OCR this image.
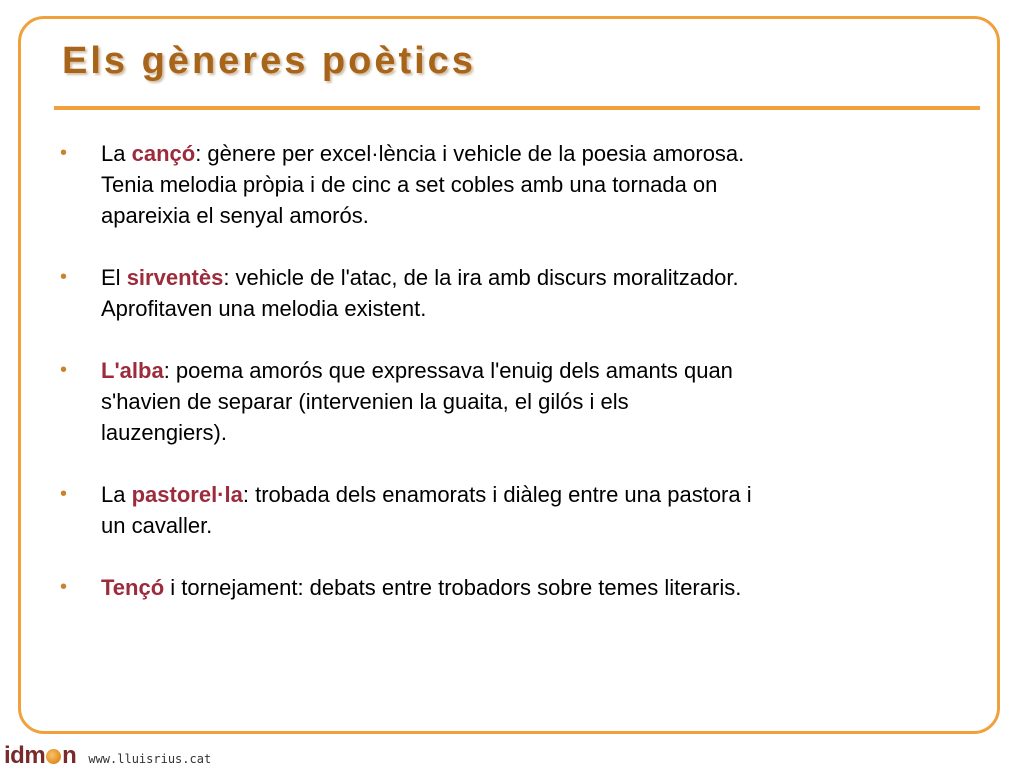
Els gèneres poètics
• La cançó: gènere per excel·lència i vehicle de la poesia amorosa. Tenia melodia pròpia i de cinc a set cobles amb una tornada on apareixia el senyal amorós.
• El sirventès: vehicle de l'atac, de la ira amb discurs moralitzador. Aprofitaven una melodia existent.
• L'alba: poema amorós que expressava l'enuig dels amants quan s'havien de separar (intervenien la guaita, el gilós i els lauzengiers).
• La pastorel·la: trobada dels enamorats i diàleg entre una pastora i un cavaller.
• Tençó i tornejament: debats entre trobadors sobre temes literaris.
idm n www.lluisrius.cat
